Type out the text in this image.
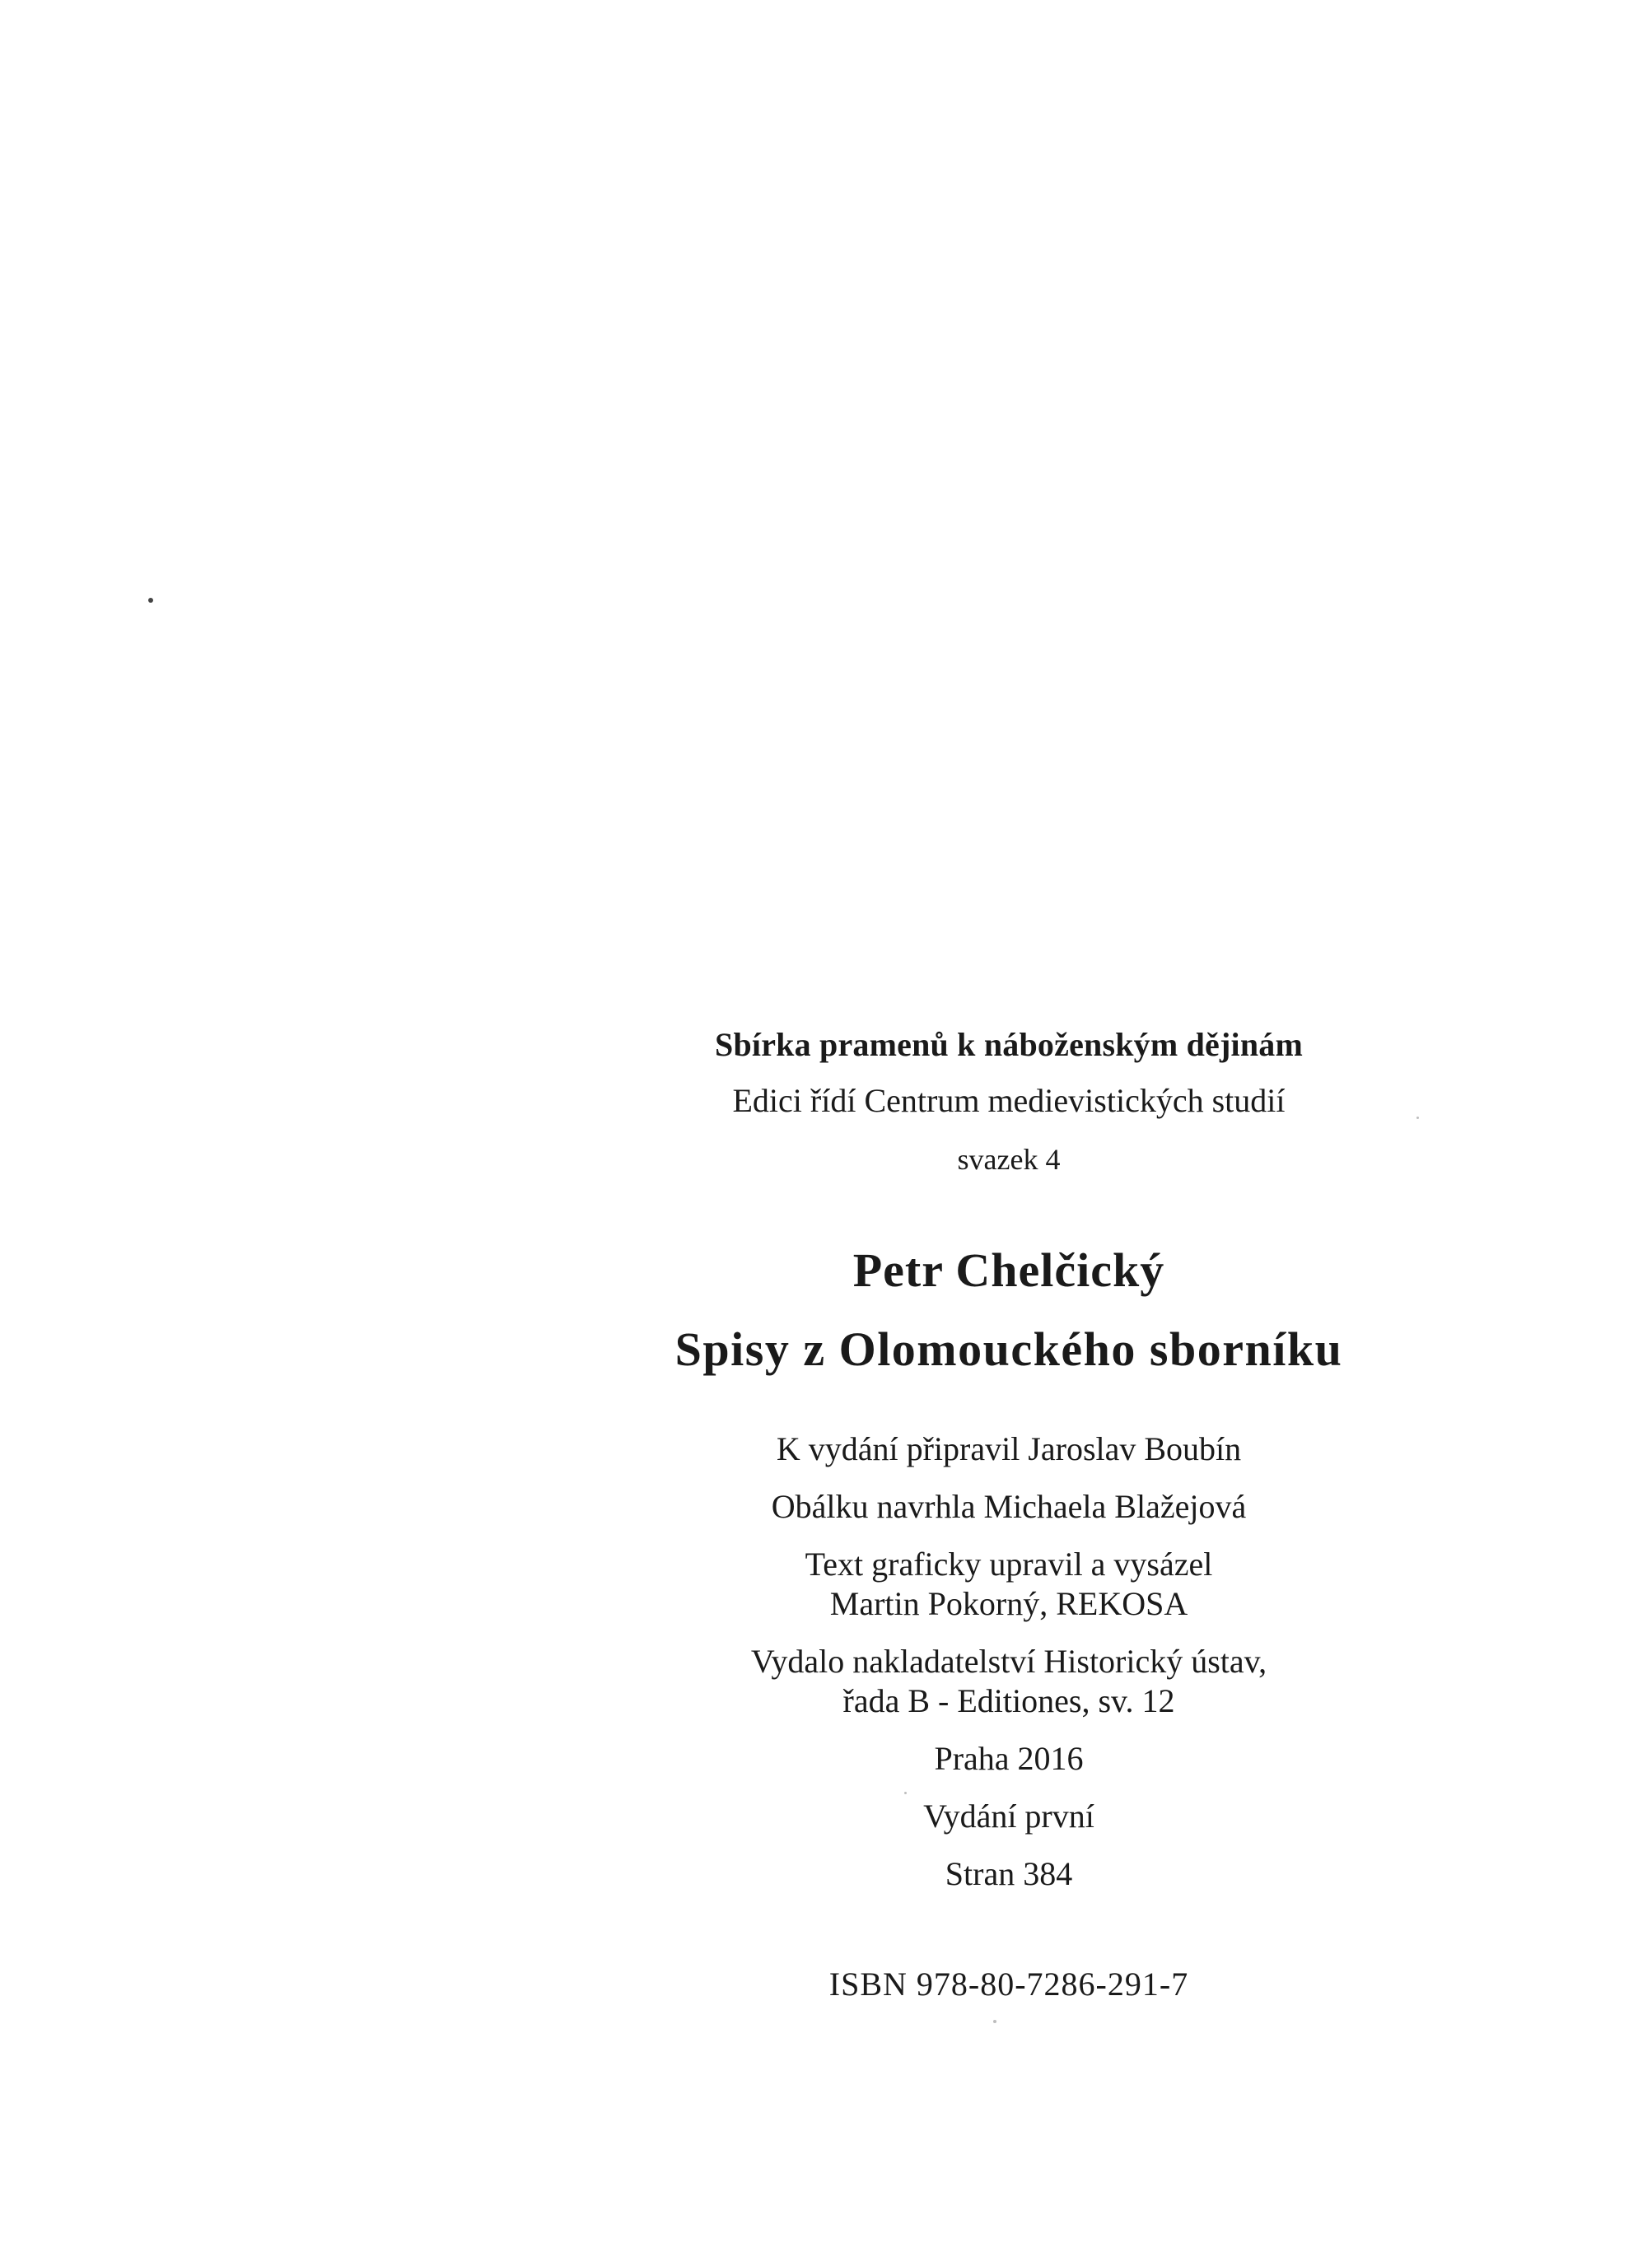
Sbírka pramenů k náboženským dějinám
Edici řídí Centrum medievistických studií
svazek 4
Petr Chelčický
Spisy z Olomouckého sborníku
K vydání připravil Jaroslav Boubín
Obálku navrhla Michaela Blažejová
Text graficky upravil a vysázel
Martin Pokorný, REKOSA
Vydalo nakladatelství Historický ústav,
řada B - Editiones, sv. 12
Praha 2016
Vydání první
Stran 384
ISBN 978-80-7286-291-7
